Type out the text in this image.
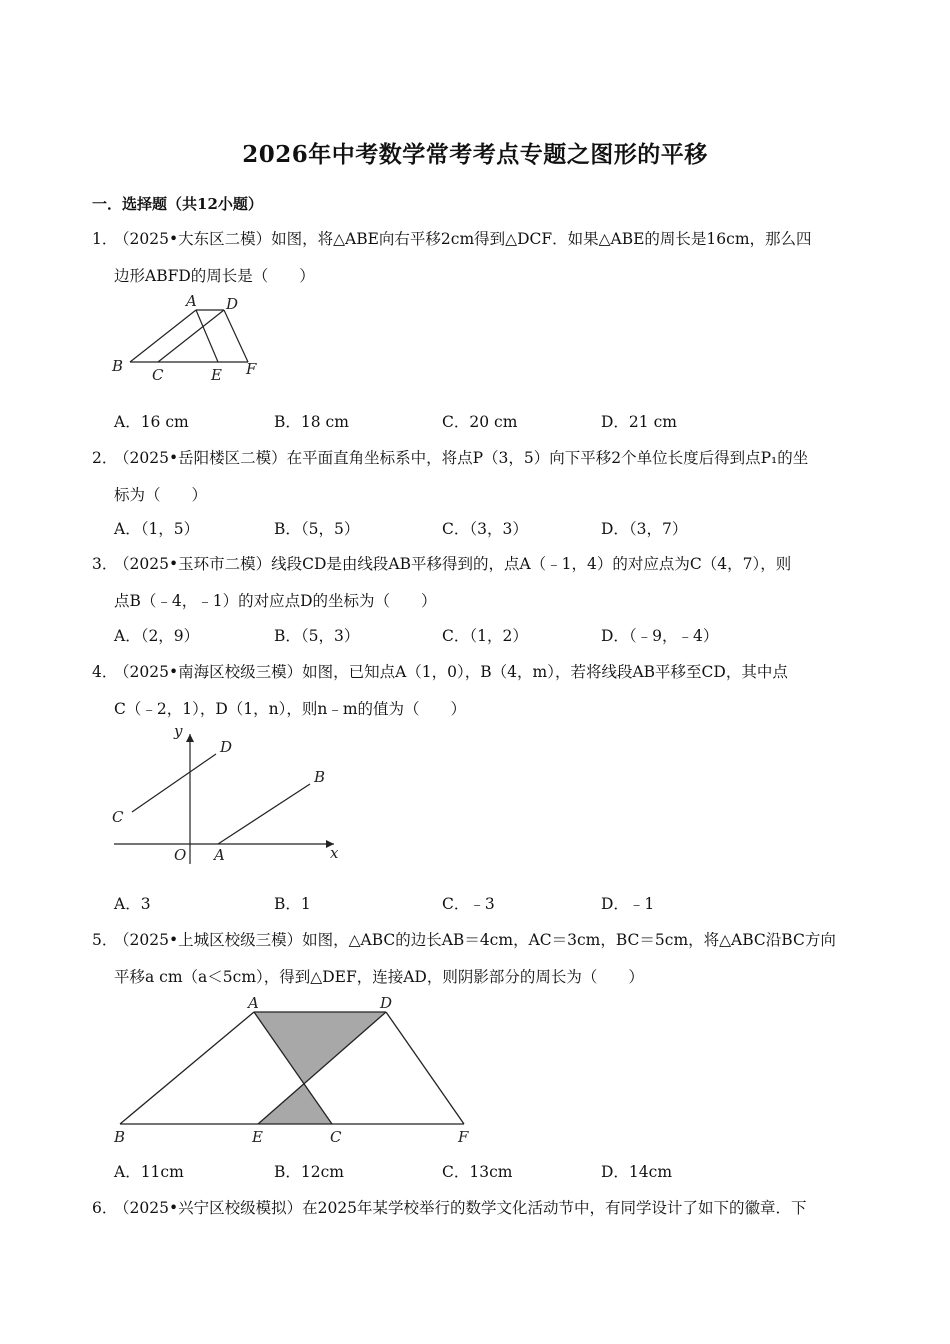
2026年中考数学常考考点专题之图形的平移
一．选择题（共12小题）
1．（2025•大东区二模）如图，将△ABE向右平移2cm得到△DCF．如果△ABE的周长是16cm，那么四
边形ABFD的周长是（　　）
A D
B C	E F
A．16 cm	B．18 cm	C．20 cm	D．21 cm
2．（2025•岳阳楼区二模）在平面直角坐标系中，将点P（3，5）向下平移2个单位长度后得到点P₁的坐
标为（　　）
A．（1，5）	B．（5，5）	C．（3，3）	D．（3，7）
3．（2025•玉环市二模）线段CD是由线段AB平移得到的，点A（﹣1，4）的对应点为C（4，7），则
点B（﹣4，﹣1）的对应点D的坐标为（　　）
A．（2，9）	B．（5，3）	C．（1，2）	D．（﹣9，﹣4）
4．（2025•南海区校级三模）如图，已知点A（1，0），B（4，m），若将线段AB平移至CD，其中点
C（﹣2，1），D（1，n），则n﹣m的值为（　　）
y
x
O A
B
C
D
A．3	B．1	C．﹣3	D．﹣1
5．（2025•上城区校级三模）如图，△ABC的边长AB＝4cm，AC＝3cm，BC＝5cm，将△ABC沿BC方向
平移a cm（a＜5cm），得到△DEF，连接AD，则阴影部分的周长为（　　）
A	D
B	E	C	F
A．11cm	B．12cm	C．13cm	D．14cm
6．（2025•兴宁区校级模拟）在2025年某学校举行的数学文化活动节中，有同学设计了如下的徽章．下
